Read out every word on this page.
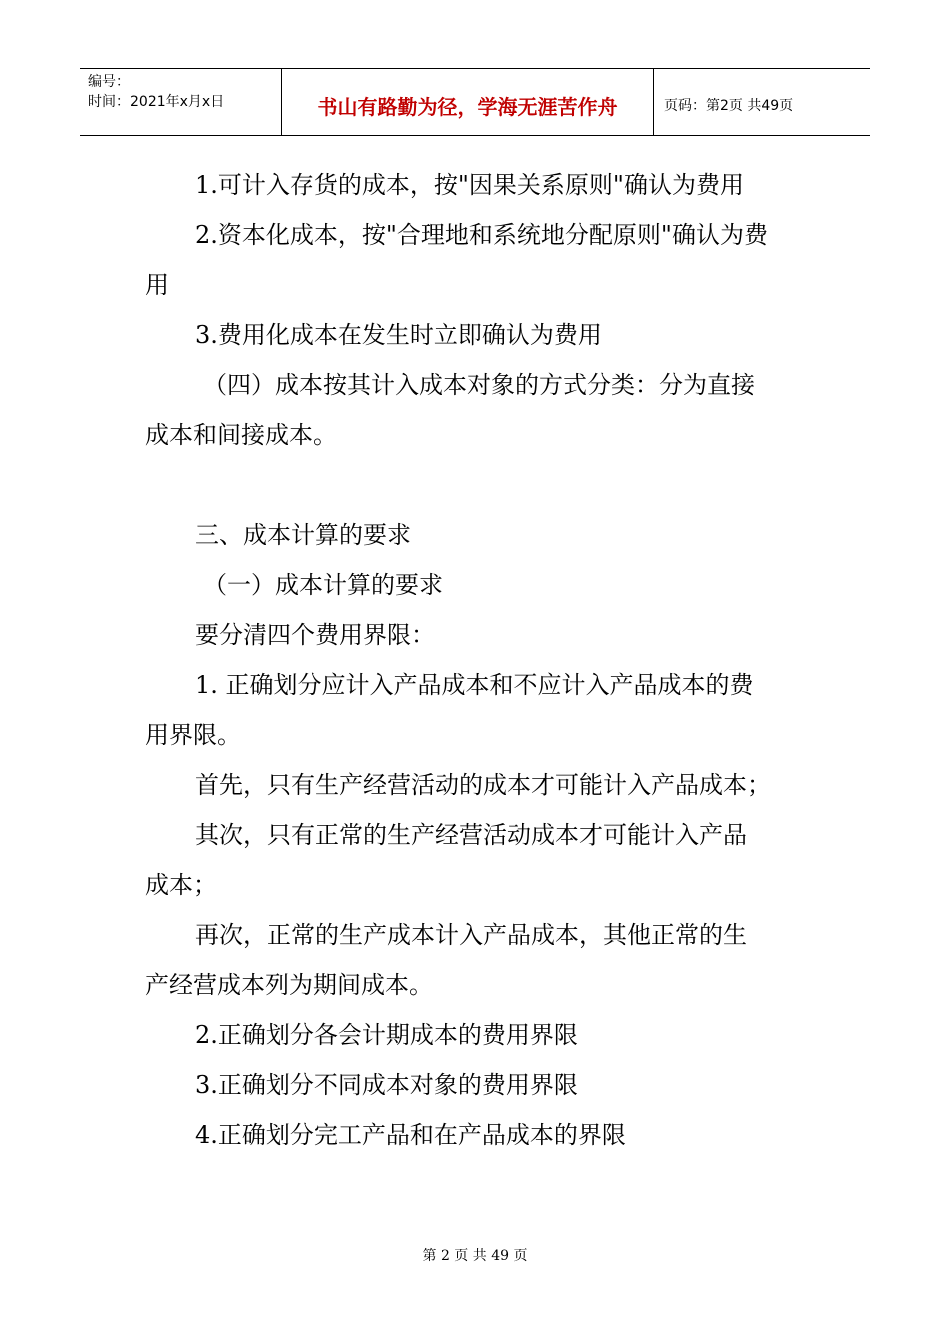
编号：
时间：2021年x月x日	书山有路勤为径，学海无涯苦作舟	页码：第2页 共49页

1.可计入存货的成本，按"因果关系原则"确认为费用

2.资本化成本，按"合理地和系统地分配原则"确认为费

用

3.费用化成本在发生时立即确认为费用

（四）成本按其计入成本对象的方式分类：分为直接

成本和间接成本。

三、成本计算的要求

（一）成本计算的要求

要分清四个费用界限：

1. 正确划分应计入产品成本和不应计入产品成本的费

用界限。

首先，只有生产经营活动的成本才可能计入产品成本；

其次，只有正常的生产经营活动成本才可能计入产品

成本；

再次，正常的生产成本计入产品成本，其他正常的生

产经营成本列为期间成本。

2.正确划分各会计期成本的费用界限

3.正确划分不同成本对象的费用界限

4.正确划分完工产品和在产品成本的界限

第 2 页 共 49 页
